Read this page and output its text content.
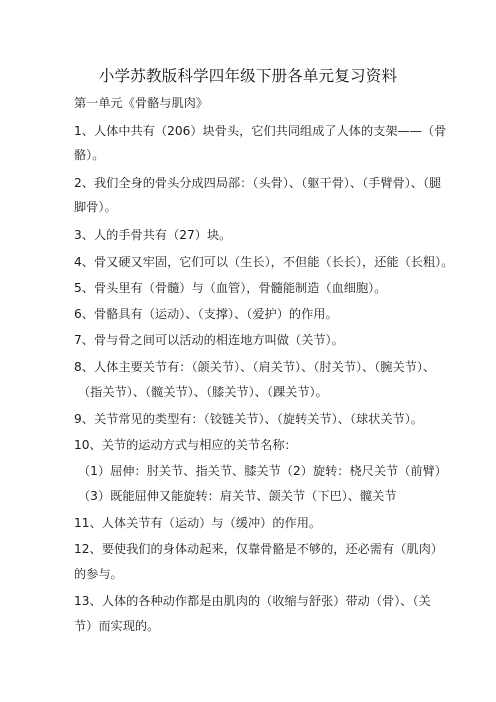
小学苏教版科学四年级下册各单元复习资料
第一单元《骨骼与肌肉》
1、人体中共有（206）块骨头，它们共同组成了人体的支架——（骨
骼）。
2、我们全身的骨头分成四局部：（头骨）、（躯干骨）、（手臂骨）、（腿
脚骨）。
3、人的手骨共有（27）块。
4、骨又硬又牢固，它们可以（生长），不但能（长长），还能（长粗）。
5、骨头里有（骨髓）与（血管），骨髓能制造（血细胞）。
6、骨骼具有（运动）、（支撑）、（爱护）的作用。
7、骨与骨之间可以活动的相连地方叫做（关节）。
8、人体主要关节有：（颌关节）、（肩关节）、（肘关节）、（腕关节）、
（指关节）、（髋关节）、（膝关节）、（踝关节）。
9、关节常见的类型有：（铰链关节）、（旋转关节）、（球状关节）。
10、关节的运动方式与相应的关节名称：
（1）屈伸：肘关节、指关节、膝关节（2）旋转：桡尺关节（前臂）
（3）既能屈伸又能旋转：肩关节、颌关节（下巴）、髋关节
11、人体关节有（运动）与（缓冲）的作用。
12、要使我们的身体动起来，仅靠骨骼是不够的，还必需有（肌肉）
的参与。
13、人体的各种动作都是由肌肉的（收缩与舒张）带动（骨）、（关
节）而实现的。
